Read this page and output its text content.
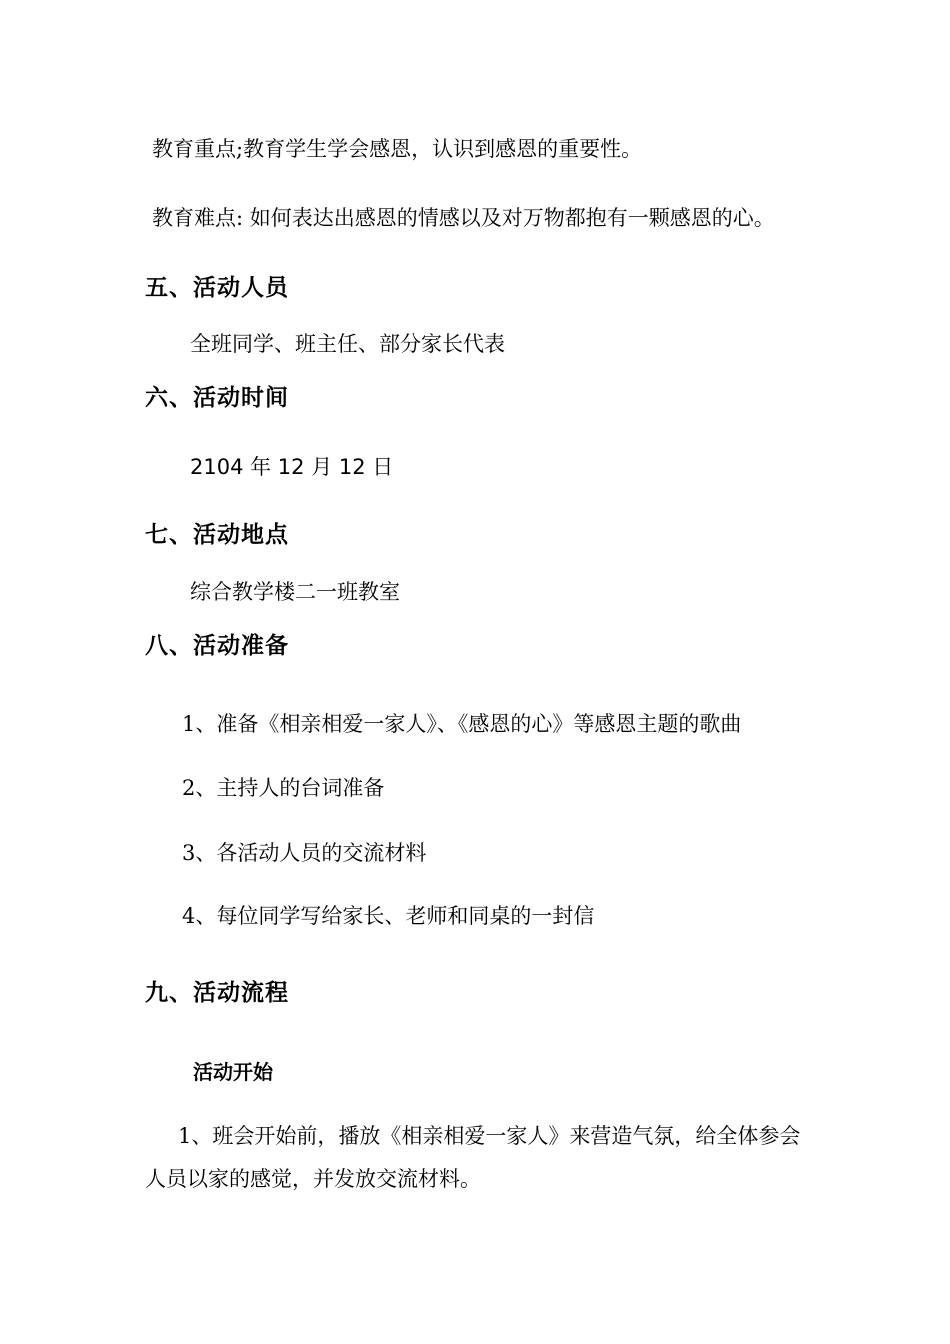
教育重点;教育学生学会感恩，认识到感恩的重要性。
教育难点: 如何表达出感恩的情感以及对万物都抱有一颗感恩的心。
五、活动人员
全班同学、班主任、部分家长代表
六、活动时间
2104 年 12 月 12 日
七、活动地点
综合教学楼二一班教室
八、活动准备
1、准备《相亲相爱一家人》、《感恩的心》等感恩主题的歌曲
2、主持人的台词准备
3、各活动人员的交流材料
4、每位同学写给家长、老师和同桌的一封信
九、活动流程
活动开始
1、班会开始前，播放《相亲相爱一家人》来营造气氛，给全体参会
人员以家的感觉，并发放交流材料。
